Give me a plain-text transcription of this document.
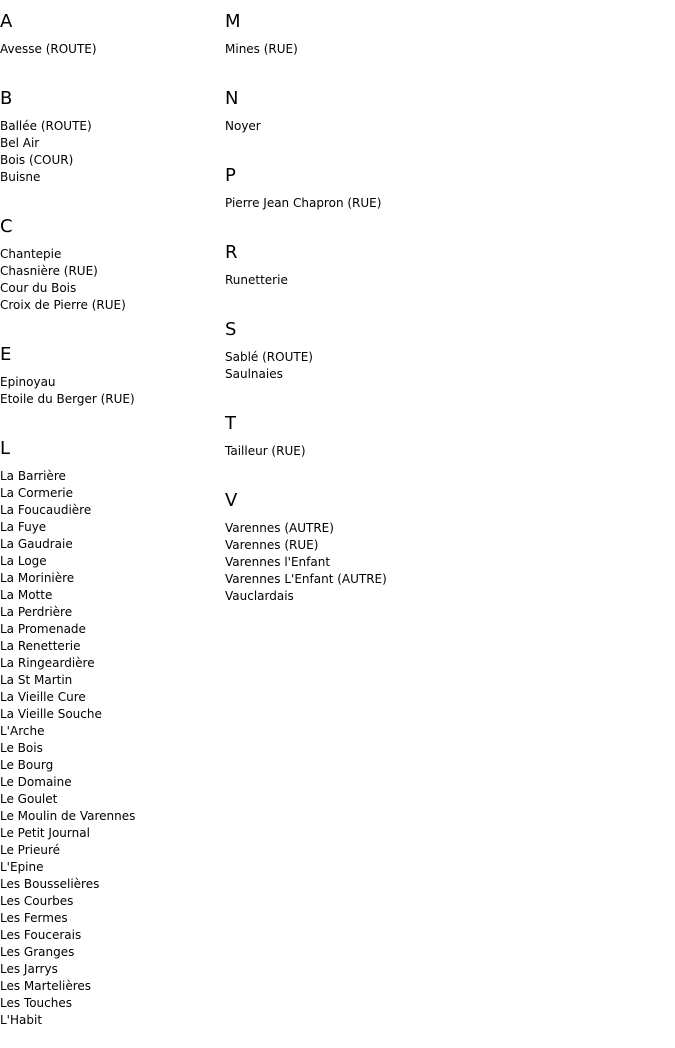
A
Avesse (ROUTE)
B
Ballée (ROUTE)
Bel Air
Bois (COUR)
Buisne
C
Chantepie
Chasnière (RUE)
Cour du Bois
Croix de Pierre (RUE)
E
Epinoyau
Etoile du Berger (RUE)
L
La Barrière
La Cormerie
La Foucaudière
La Fuye
La Gaudraie
La Loge
La Morinière
La Motte
La Perdrière
La Promenade
La Renetterie
La Ringeardière
La St Martin
La Vieille Cure
La Vieille Souche
L'Arche
Le Bois
Le Bourg
Le Domaine
Le Goulet
Le Moulin de Varennes
Le Petit Journal
Le Prieuré
L'Epine
Les Bousselières
Les Courbes
Les Fermes
Les Foucerais
Les Granges
Les Jarrys
Les Martelières
Les Touches
L'Habit
M
Mines (RUE)
N
Noyer
P
Pierre Jean Chapron (RUE)
R
Runetterie
S
Sablé (ROUTE)
Saulnaies
T
Tailleur (RUE)
V
Varennes (AUTRE)
Varennes (RUE)
Varennes l'Enfant
Varennes L'Enfant (AUTRE)
Vauclardais
